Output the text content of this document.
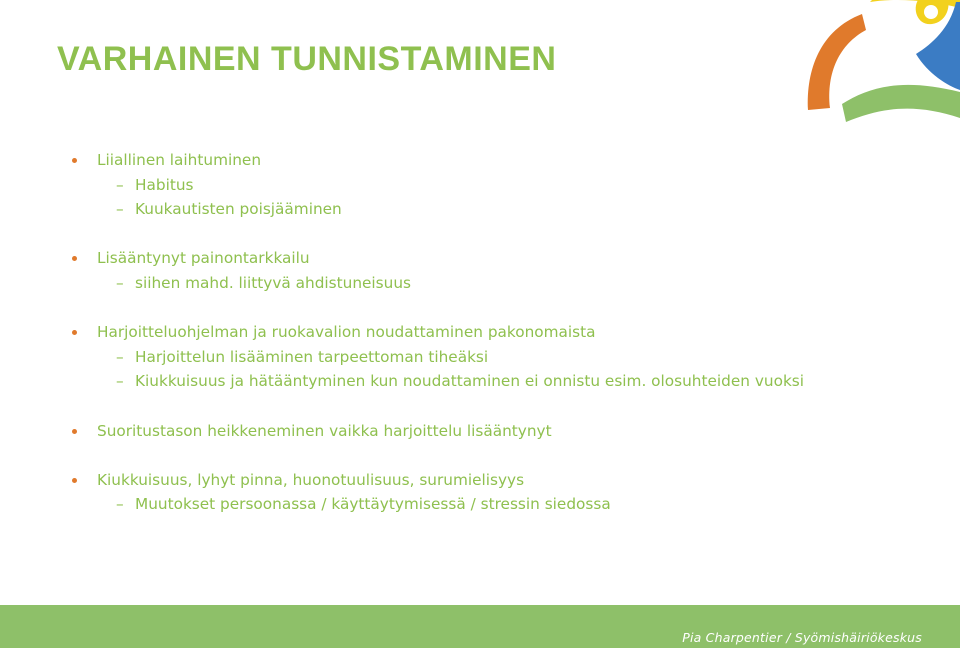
VARHAINEN TUNNISTAMINEN
Liiallinen laihtuminen
– Habitus
– Kuukautisten poisjääminen
Lisääntynyt painontarkkailu
– siihen mahd. liittyvä ahdistuneisuus
Harjoitteluohjelman ja ruokavalion noudattaminen pakonomaista
– Harjoittelun lisääminen tarpeettoman tiheäksi
– Kiukkuisuus ja hätääntyminen kun noudattaminen ei onnistu esim. olosuhteiden vuoksi
Suoritustason heikkeneminen vaikka harjoittelu lisääntynyt
Kiukkuisuus, lyhyt pinna, huonotuulisuus, surumielisyys
– Muutokset persoonassa / käyttäytymisessä / stressin siedossa
Pia Charpentier / Syömishäiriökeskus
